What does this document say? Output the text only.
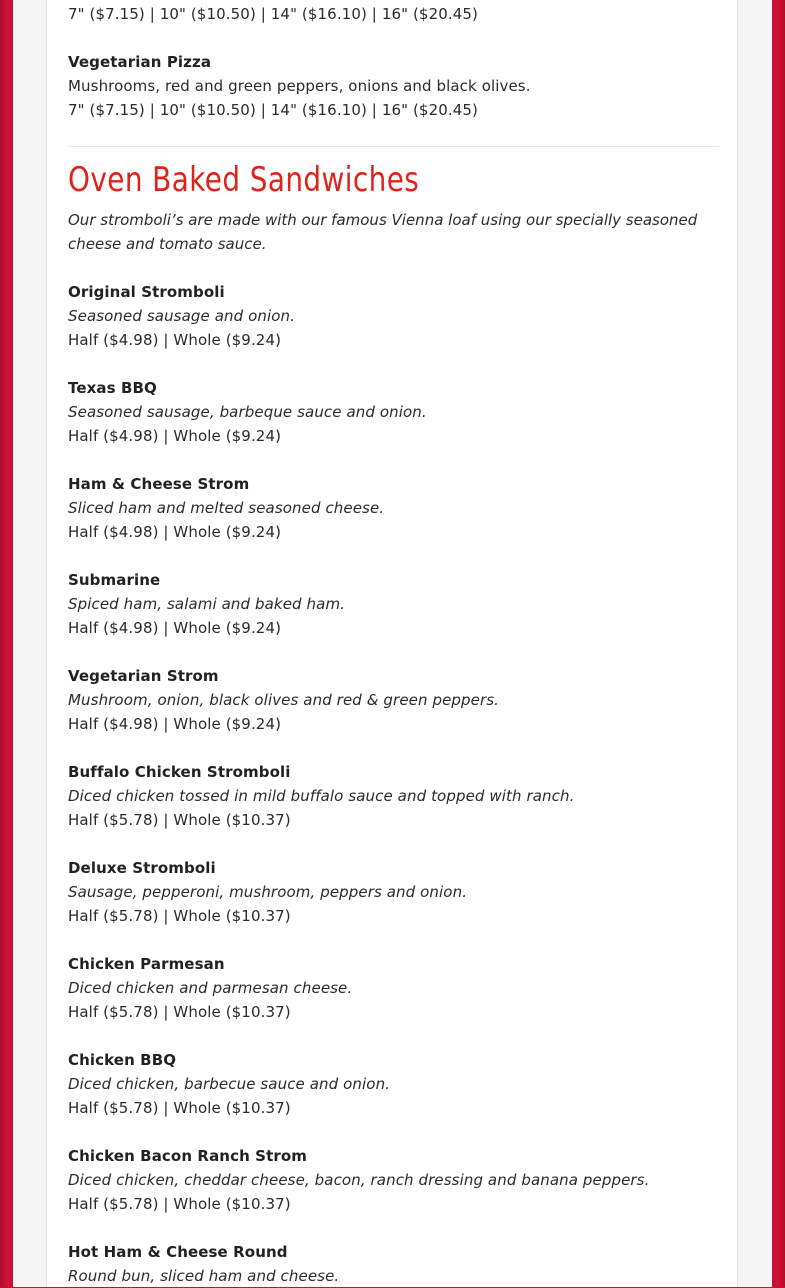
7" ($7.15) | 10" ($10.50) | 14" ($16.10) | 16" ($20.45)
Vegetarian Pizza
Mushrooms, red and green peppers, onions and black olives.
7" ($7.15) | 10" ($10.50) | 14" ($16.10) | 16" ($20.45)
Oven Baked Sandwiches
Our stromboli’s are made with our famous Vienna loaf using our specially seasoned cheese and tomato sauce.
Original Stromboli
Seasoned sausage and onion.
Half ($4.98) | Whole ($9.24)
Texas BBQ
Seasoned sausage, barbeque sauce and onion.
Half ($4.98) | Whole ($9.24)
Ham & Cheese Strom
Sliced ham and melted seasoned cheese.
Half ($4.98) | Whole ($9.24)
Submarine
Spiced ham, salami and baked ham.
Half ($4.98) | Whole ($9.24)
Vegetarian Strom
Mushroom, onion, black olives and red & green peppers.
Half ($4.98) | Whole ($9.24)
Buffalo Chicken Stromboli
Diced chicken tossed in mild buffalo sauce and topped with ranch.
Half ($5.78) | Whole ($10.37)
Deluxe Stromboli
Sausage, pepperoni, mushroom, peppers and onion.
Half ($5.78) | Whole ($10.37)
Chicken Parmesan
Diced chicken and parmesan cheese.
Half ($5.78) | Whole ($10.37)
Chicken BBQ
Diced chicken, barbecue sauce and onion.
Half ($5.78) | Whole ($10.37)
Chicken Bacon Ranch Strom
Diced chicken, cheddar cheese, bacon, ranch dressing and banana peppers.
Half ($5.78) | Whole ($10.37)
Hot Ham & Cheese Round
Round bun, sliced ham and cheese.
